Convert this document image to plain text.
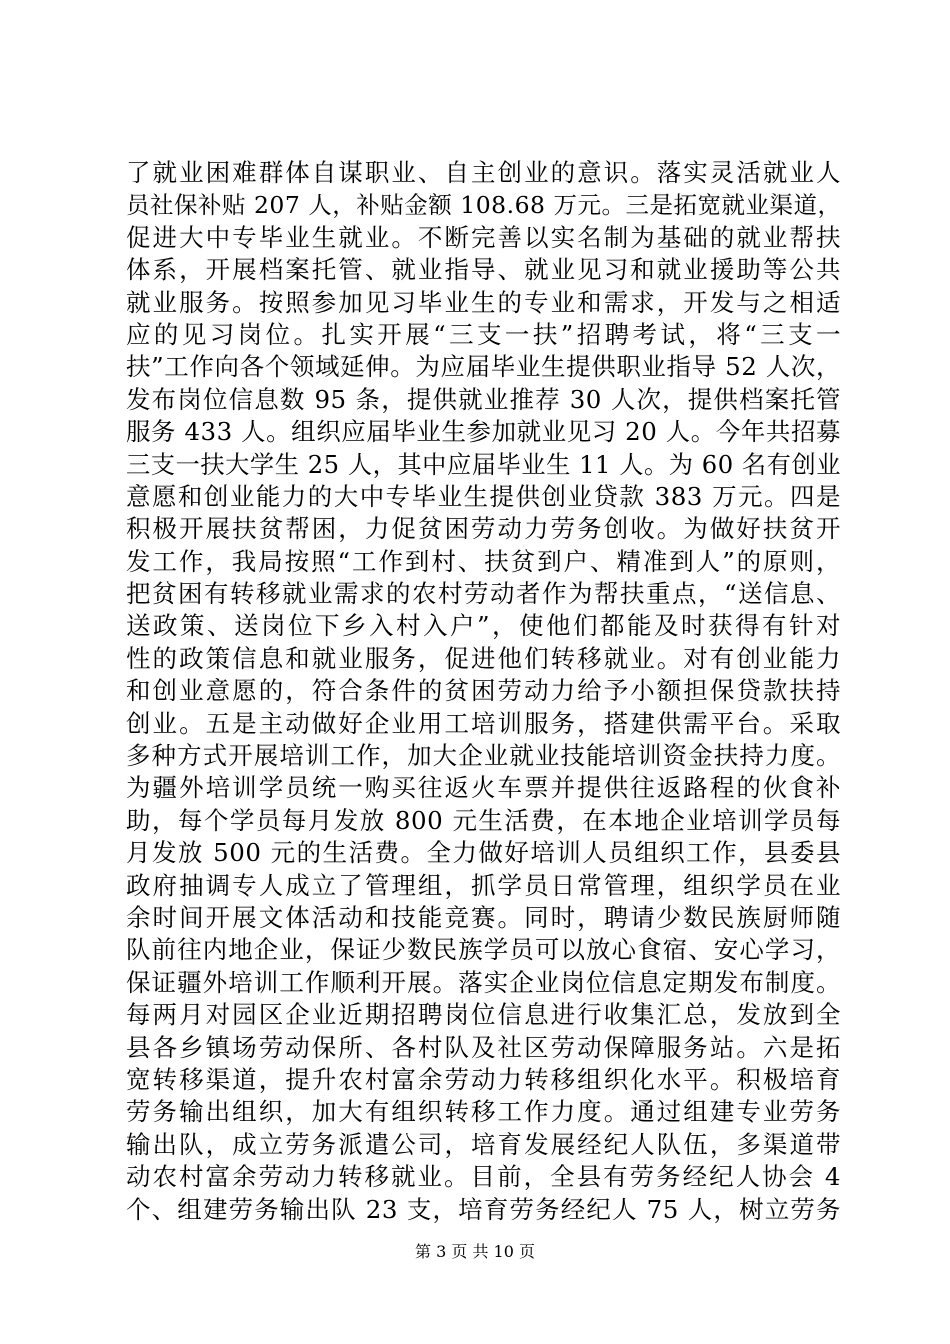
了就业困难群体自谋职业、自主创业的意识。落实灵活就业人
员社保补贴 207 人，补贴金额 108.68 万元。三是拓宽就业渠道，
促进大中专毕业生就业。不断完善以实名制为基础的就业帮扶
体系，开展档案托管、就业指导、就业见习和就业援助等公共
就业服务。按照参加见习毕业生的专业和需求，开发与之相适
应的见习岗位。扎实开展“三支一扶”招聘考试，将“三支一
扶”工作向各个领域延伸。为应届毕业生提供职业指导 52 人次，
发布岗位信息数 95 条，提供就业推荐 30 人次，提供档案托管
服务 433 人。组织应届毕业生参加就业见习 20 人。今年共招募
三支一扶大学生 25 人，其中应届毕业生 11 人。为 60 名有创业
意愿和创业能力的大中专毕业生提供创业贷款 383 万元。四是
积极开展扶贫帮困，力促贫困劳动力劳务创收。为做好扶贫开
发工作，我局按照“工作到村、扶贫到户、精准到人”的原则，
把贫困有转移就业需求的农村劳动者作为帮扶重点，“送信息、
送政策、送岗位下乡入村入户”，使他们都能及时获得有针对
性的政策信息和就业服务，促进他们转移就业。对有创业能力
和创业意愿的，符合条件的贫困劳动力给予小额担保贷款扶持
创业。五是主动做好企业用工培训服务，搭建供需平台。采取
多种方式开展培训工作，加大企业就业技能培训资金扶持力度。
为疆外培训学员统一购买往返火车票并提供往返路程的伙食补
助，每个学员每月发放 800 元生活费，在本地企业培训学员每
月发放 500 元的生活费。全力做好培训人员组织工作，县委县
政府抽调专人成立了管理组，抓学员日常管理，组织学员在业
余时间开展文体活动和技能竞赛。同时，聘请少数民族厨师随
队前往内地企业，保证少数民族学员可以放心食宿、安心学习，
保证疆外培训工作顺利开展。落实企业岗位信息定期发布制度。
每两月对园区企业近期招聘岗位信息进行收集汇总，发放到全
县各乡镇场劳动保所、各村队及社区劳动保障服务站。六是拓
宽转移渠道，提升农村富余劳动力转移组织化水平。积极培育
劳务输出组织，加大有组织转移工作力度。通过组建专业劳务
输出队，成立劳务派遣公司，培育发展经纪人队伍，多渠道带
动农村富余劳动力转移就业。目前，全县有劳务经纪人协会 4
个、组建劳务输出队 23 支，培育劳务经纪人 75 人，树立劳务
第 3 页 共 10 页
